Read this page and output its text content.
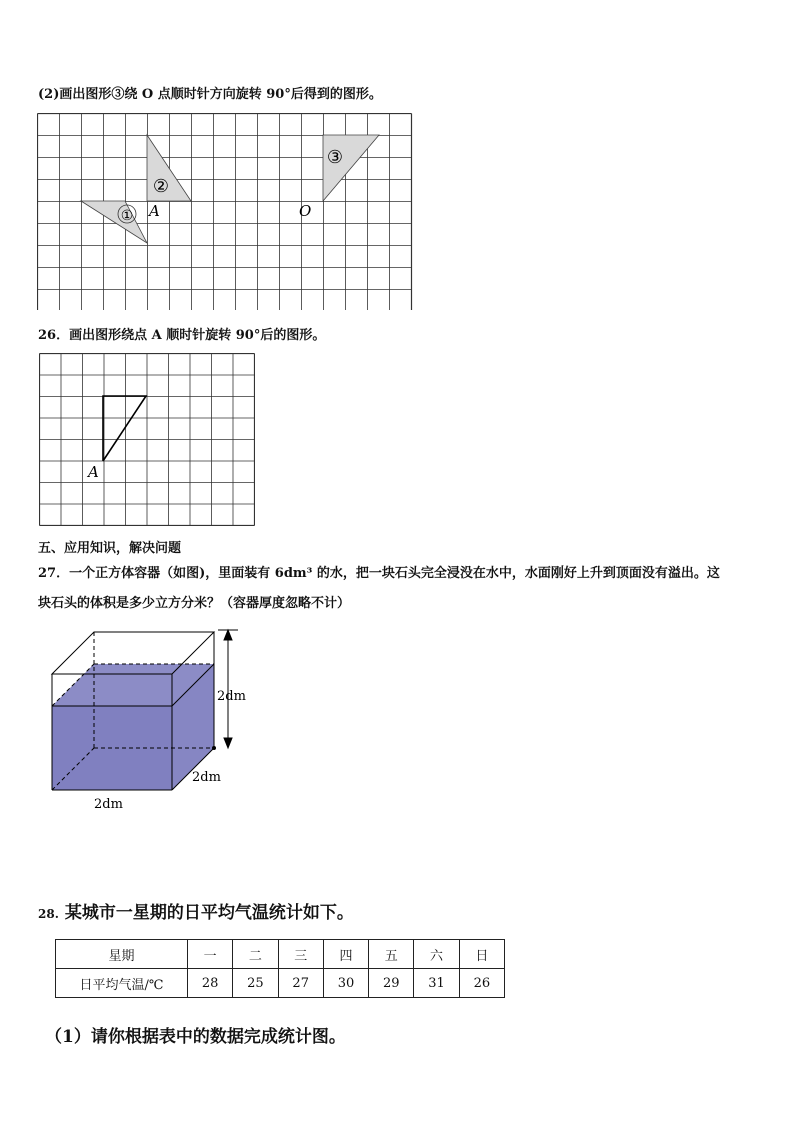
(2)画出图形③绕 O 点顺时针方向旋转 90°后得到的图形。
①
②
③
A	O
26．画出图形绕点 A 顺时针旋转 90°后的图形。
A
五、应用知识，解决问题
27．一个正方体容器（如图)，里面装有 6dm³ 的水，把一块石头完全浸没在水中，水面刚好上升到顶面没有溢出。这
块石头的体积是多少立方分米？（容器厚度忽略不计）
2dm
2dm
2dm
28. 某城市一星期的日平均气温统计如下。
星期	一	二	三	四	五	六	日
日平均气温/℃	28	25	27	30	29	31	26
（1）请你根据表中的数据完成统计图。
